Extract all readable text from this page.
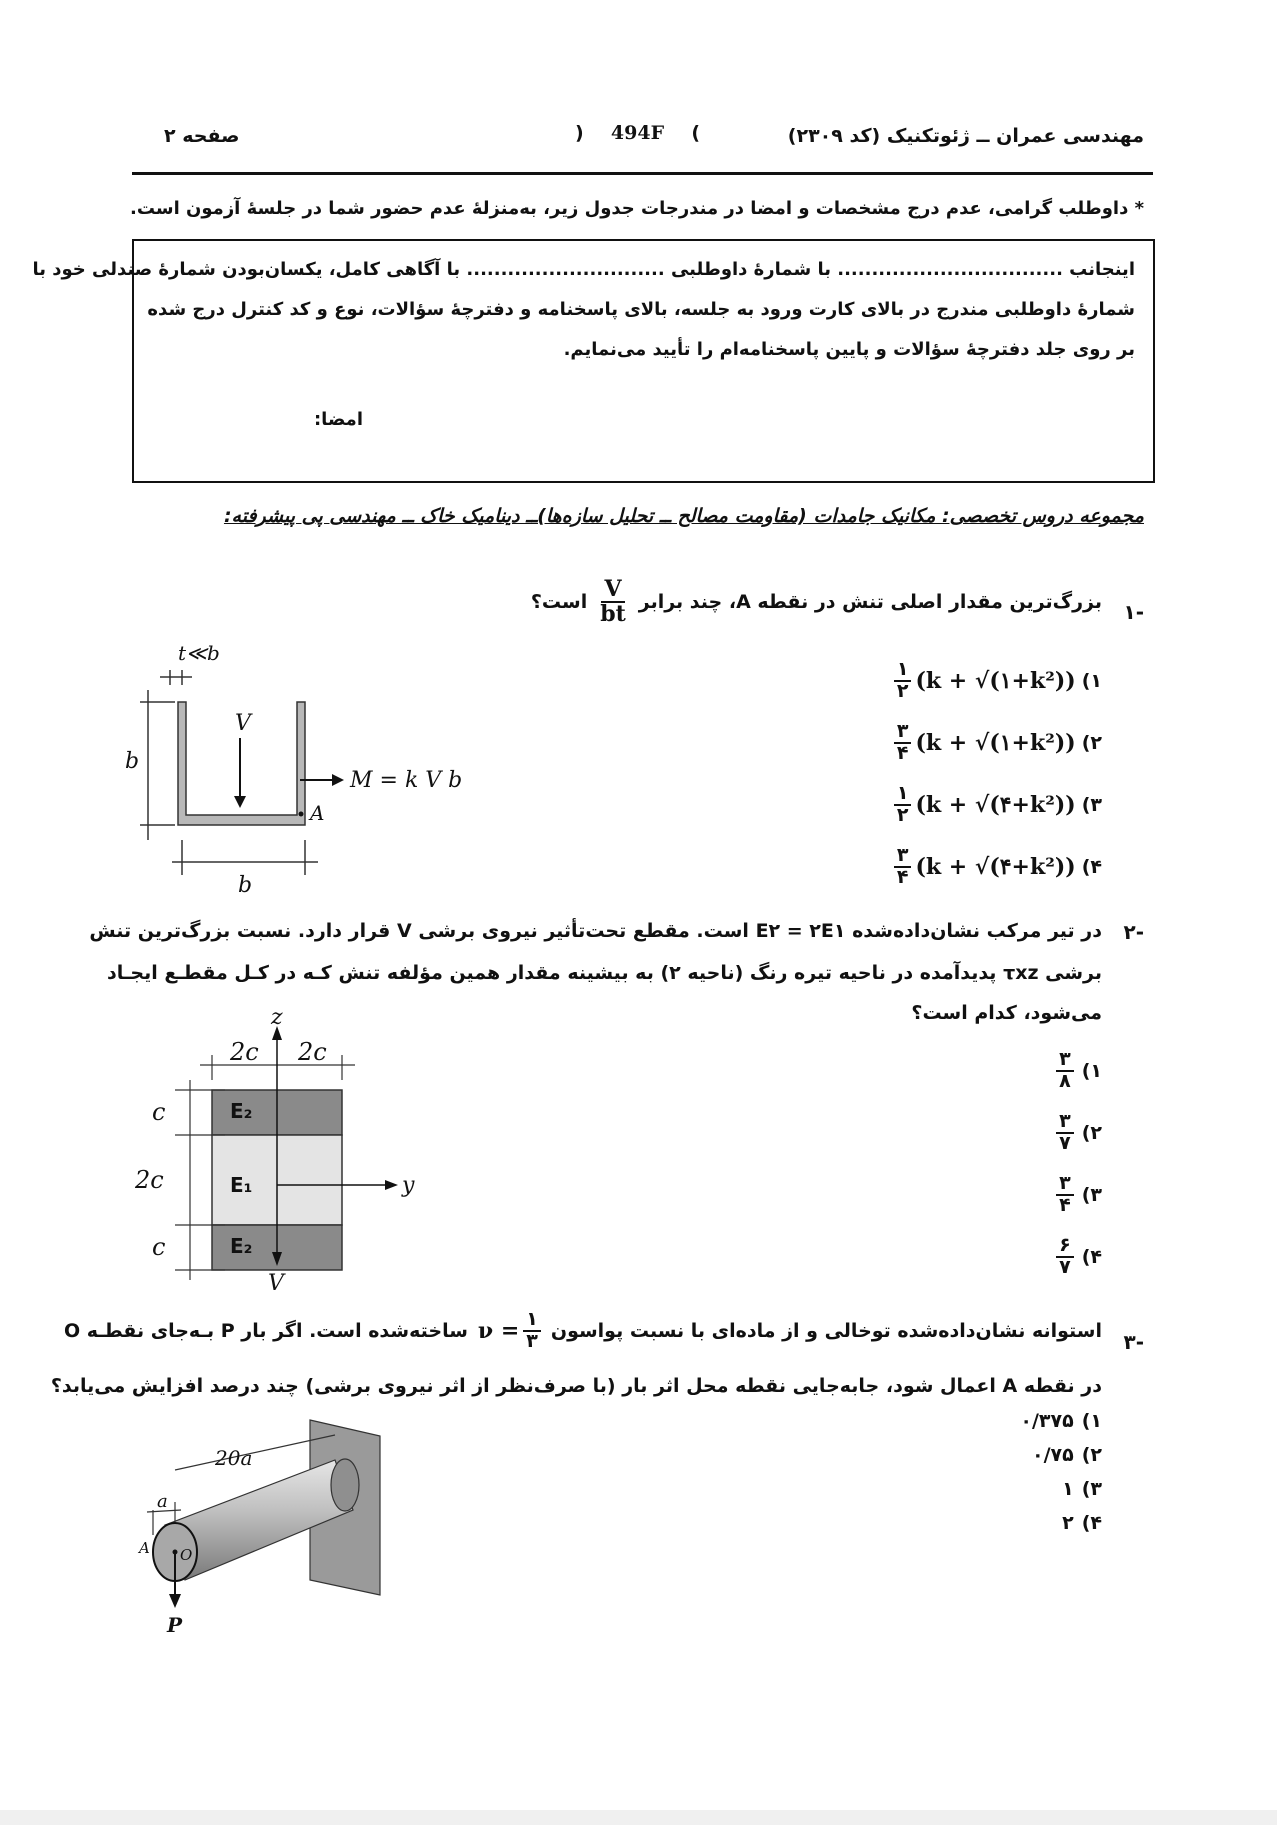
مهندسی عمران ــ ژئوتکنیک (کد ۲۳۰۹)
) 494F (
صفحه ۲
* داوطلب گرامی، عدم درج مشخصات و امضا در مندرجات جدول زیر، به‌منزلهٔ عدم حضور شما در جلسهٔ آزمون است.
اینجانب ................................. با شمارهٔ داوطلبی ............................. با آگاهی کامل، یکسان‌بودن شمارهٔ صندلی خود با
شمارهٔ داوطلبی مندرج در بالای کارت ورود به جلسه، بالای پاسخنامه و دفترچهٔ سؤالات، نوع و کد کنترل درج شده
بر روی جلد دفترچهٔ سؤالات و پایین پاسخنامه‌ام را تأیید می‌نمایم.
امضا:
مجموعه دروس تخصصی: مکانیک جامدات (مقاومت مصالح ــ تحلیل سازه‌ها)ــ دینامیک خاک ــ مهندسی پی پیشرفته:
۱-
بزرگ‌ترین مقدار اصلی تنش در نقطه A، چند برابر
$\frac{V}{bt}$
است؟
۱)
$\frac{۱}{۲} (k$ + √(۱+k²))
۲)
$\frac{۳}{۴} (k$ + √(۱+k²))
۳)
$\frac{۱}{۲} (k$ + √(۴+k²))
۴)
$\frac{۳}{۴} (k$ + √(۴+k²))
t≪b
V
M = k V b
b
b
A
۲-
در تیر مرکب نشان‌داده‌شده E۲ = ۲E۱ است. مقطع تحت‌تأثیر نیروی برشی V قرار دارد. نسبت بزرگ‌ترین تنش
برشی τxz پدیدآمده در ناحیه تیره رنگ (ناحیه ۲) به بیشینه مقدار همین مؤلفه تنش کـه در کـل مقطـع ایجـاد
می‌شود، کدام است؟
۱)
$\frac{۳}{۸}$
۲)
$\frac{۳}{۷}$
۳)
$\frac{۳}{۴}$
۴)
$\frac{۶}{۷}$
z
y
V
2c 2c
c
2c
c
E₂
E₁
E₂
۳-
استوانه نشان‌داده‌شده توخالی و از ماده‌ای با نسبت پواسون
$\nu = \frac{۱}{۳}$
ساخته‌شده است. اگر بار P بـه‌جای نقطـه O
در نقطه A اعمال شود، جابه‌جایی نقطه محل اثر بار (با صرف‌نظر از اثر نیروی برشی) چند درصد افزایش می‌یابد؟
۱)
۰/۳۷۵
۲)
۰/۷۵
۳)
۱
۴)
۲
20a
a
A O
P
